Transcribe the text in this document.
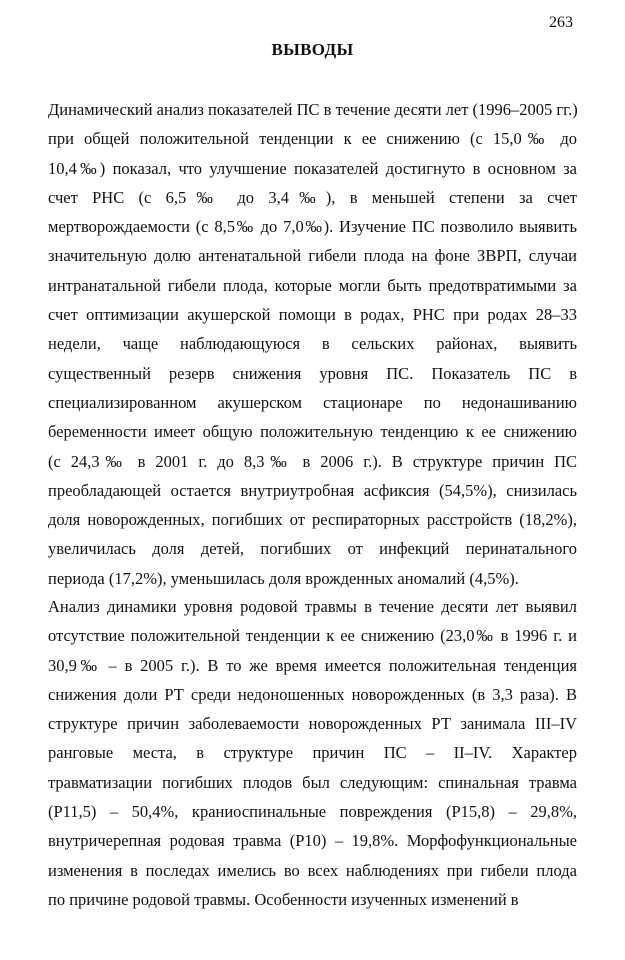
263
ВЫВОДЫ
Динамический анализ показателей ПС в течение десяти лет (1996–2005 гг.)
при общей положительной тенденции к ее снижению (с 15,0‰ до
10,4‰) показал, что улучшение показателей достигнуто в основном за
счет РНС (с 6,5‰ до 3,4‰), в меньшей степени за счет
мертворождаемости (с 8,5‰ до 7,0‰). Изучение ПС позволило выявить
значительную долю антенатальной гибели плода на фоне ЗВРП, случаи
интранатальной гибели плода, которые могли быть предотвратимыми за
счет оптимизации акушерской помощи в родах, РНС при родах 28–33
недели, чаще наблюдающуюся в сельских районах, выявить
существенный резерв снижения уровня ПС. Показатель ПС в
специализированном акушерском стационаре по недонашиванию
беременности имеет общую положительную тенденцию к ее снижению
(с 24,3‰ в 2001 г. до 8,3‰ в 2006 г.). В структуре причин ПС
преобладающей остается внутриутробная асфиксия (54,5%), снизилась
доля новорожденных, погибших от респираторных расстройств (18,2%),
увеличилась доля детей, погибших от инфекций перинатального
периода (17,2%), уменьшилась доля врожденных аномалий (4,5%).
Анализ динамики уровня родовой травмы в течение десяти лет выявил
отсутствие положительной тенденции к ее снижению (23,0‰ в 1996 г. и
30,9‰ – в 2005 г.). В то же время имеется положительная тенденция
снижения доли РТ среди недоношенных новорожденных (в 3,3 раза). В
структуре причин заболеваемости новорожденных РТ занимала III–IV
ранговые места, в структуре причин ПС – II–IV. Характер
травматизации погибших плодов был следующим: спинальная травма
(Р11,5) – 50,4%, краниоспинальные повреждения (Р15,8) – 29,8%,
внутричерепная родовая травма (Р10) – 19,8%. Морфофункциональные
изменения в последах имелись во всех наблюдениях при гибели плода
по причине родовой травмы. Особенности изученных изменений в
